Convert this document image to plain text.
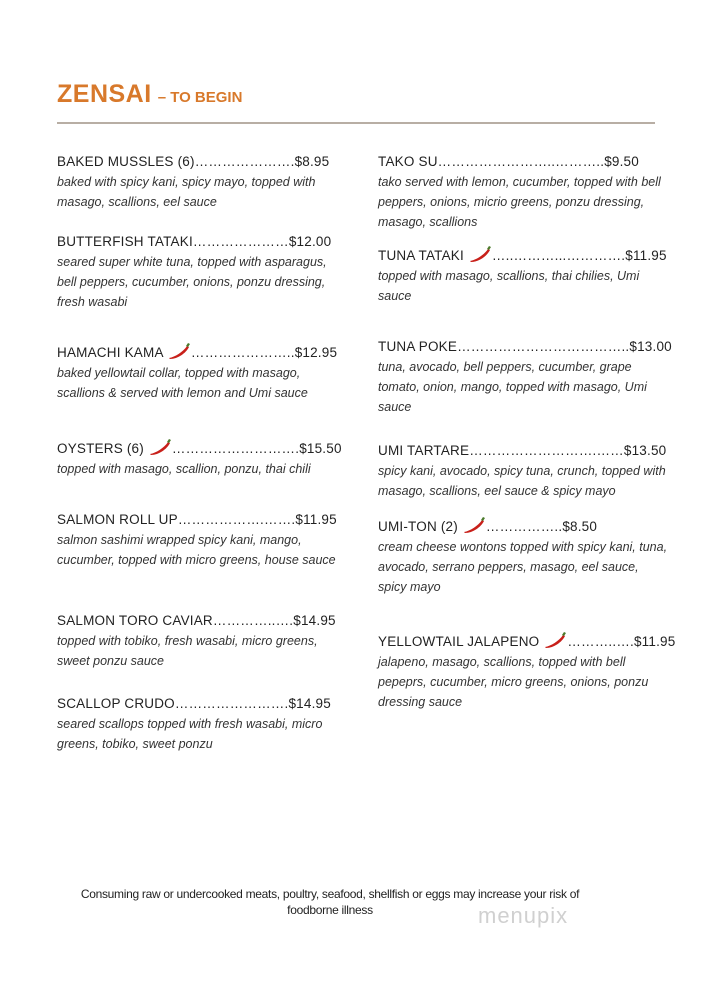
ZENSAI – TO BEGIN
BAKED MUSSLES (6)………………….$8.95
baked with spicy kani, spicy mayo, topped with masago, scallions, eel sauce
BUTTERFISH TATAKI…………………$12.00
seared super white tuna, topped with asparagus, bell peppers, cucumber, onions, ponzu dressing, fresh wasabi
HAMACHI KAMA …………………..$12.95
baked yellowtail collar, topped with masago, scallions & served with lemon and Umi sauce
OYSTERS (6) ……………………….$15.50
topped with masago, scallion, ponzu, thai chili
SALMON ROLL UP……………….…….$11.95
salmon sashimi wrapped spicy kani, mango, cucumber, topped with micro greens, house sauce
SALMON TORO CAVIAR…………..….$14.95
topped with tobiko, fresh wasabi, micro greens, sweet ponzu sauce
SCALLOP CRUDO…………………….$14.95
seared scallops topped with fresh wasabi, micro greens, tobiko, sweet ponzu
TAKO SU……………………..………..$9.50
tako served with lemon, cucumber, topped with bell peppers, onions, micrio greens, ponzu dressing, masago, scallions
TUNA TATAKI …..………...………….$11.95
topped with masago, scallions, thai chilies, Umi sauce
TUNA POKE………………………………..$13.00
tuna, avocado, bell peppers, cucumber, grape tomato, onion, mango, topped with masago, Umi sauce
UMI TARTARE……………………….……$13.50
spicy kani, avocado, spicy tuna, crunch, topped with masago, scallions, eel sauce & spicy mayo
UMI-TON (2) ……………..$8.50
cream cheese wontons topped with spicy kani, tuna, avocado, serrano peppers, masago, eel sauce, spicy mayo
YELLOWTAIL JALAPENO ………..….$11.95
jalapeno, masago, scallions, topped with bell pepeprs, cucumber, micro greens, onions, ponzu dressing sauce
Consuming raw or undercooked meats, poultry, seafood, shellfish or eggs may increase your risk of foodborne illness	menupix
